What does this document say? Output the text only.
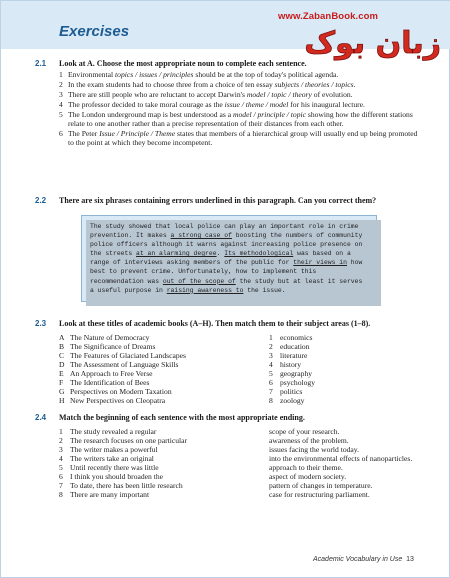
Exercises
www.ZabanBook.com
زبان بوک
2.1 Look at A. Choose the most appropriate noun to complete each sentence.
1 Environmental topics / issues / principles should be at the top of today's political agenda.
2 In the exam students had to choose three from a choice of ten essay subjects / theories / topics.
3 There are still people who are reluctant to accept Darwin's model / topic / theory of evolution.
4 The professor decided to take moral courage as the issue / theme / model for his inaugural lecture.
5 The London underground map is best understood as a model / principle / topic showing how the different stations relate to one another rather than a precise representation of their distances from each other.
6 The Peter Issue / Principle / Theme states that members of a hierarchical group will usually end up being promoted to the point at which they become incompetent.
2.2 There are six phrases containing errors underlined in this paragraph. Can you correct them?
The study showed that local police can play an important role in crime prevention. It makes a strong case of boosting the numbers of community police officers although it warns against increasing police presence on the streets at an alarming degree. Its methodological was based on a range of interviews asking members of the public for their views in how best to prevent crime. Unfortunately, how to implement this recommendation was out of the scope of the study but at least it serves a useful purpose in raising awareness to the issue.
2.3 Look at these titles of academic books (A–H). Then match them to their subject areas (1–8).
A The Nature of Democracy
B The Significance of Dreams
C The Features of Glaciated Landscapes
D The Assessment of Language Skills
E An Approach to Free Verse
F The Identification of Bees
G Perspectives on Modern Taxation
H New Perspectives on Cleopatra
1 economics
2 education
3 literature
4 history
5 geography
6 psychology
7 politics
8 zoology
2.4 Match the beginning of each sentence with the most appropriate ending.
1 The study revealed a regular
2 The research focuses on one particular
3 The writer makes a powerful
4 The writers take an original
5 Until recently there was little
6 I think you should broaden the
7 To date, there has been little research
8 There are many important
scope of your research.
awareness of the problem.
issues facing the world today.
into the environmental effects of nanoparticles.
approach to their theme.
aspect of modern society.
pattern of changes in temperature.
case for restructuring parliament.
Academic Vocabulary in Use 13
